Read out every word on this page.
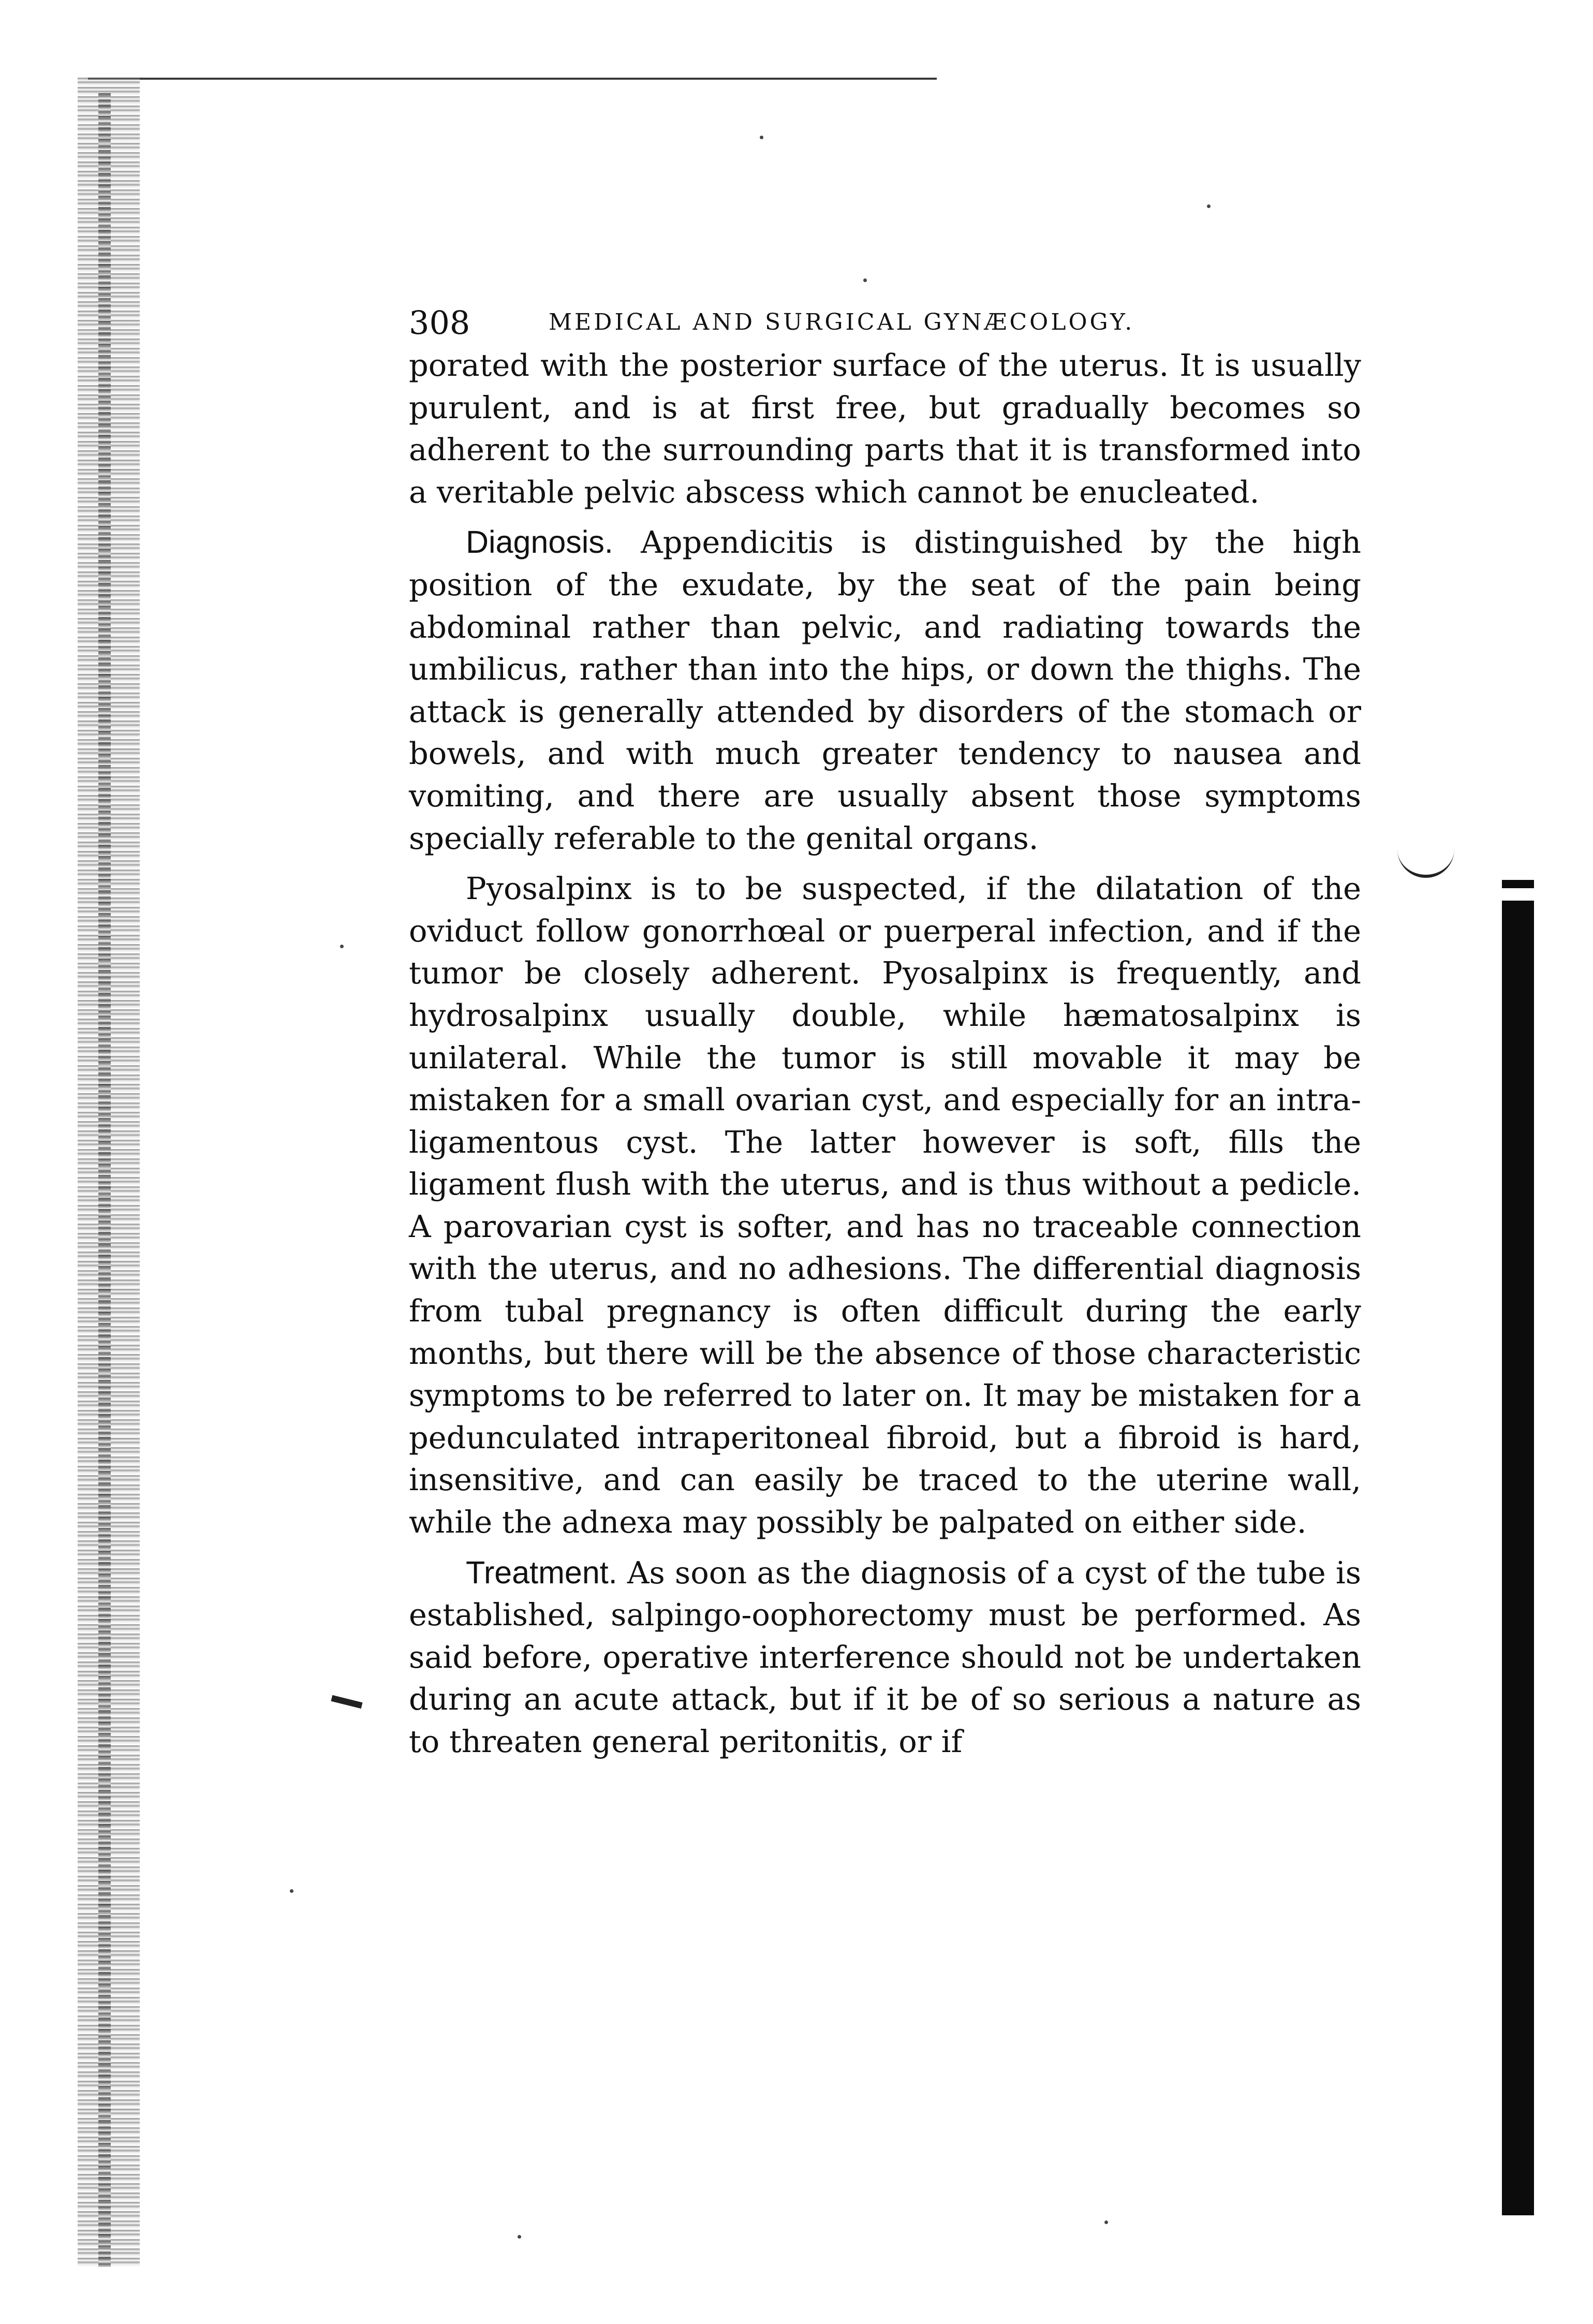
308	MEDICAL AND SURGICAL GYNÆCOLOGY.

porated with the posterior surface of the uterus. It is usually purulent, and is at first free, but gradually becomes so adherent to the surrounding parts that it is transformed into a veritable pelvic abscess which cannot be enucleated.

Diagnosis. Appendicitis is distinguished by the high position of the exudate, by the seat of the pain being abdominal rather than pelvic, and radiating towards the umbilicus, rather than into the hips, or down the thighs. The attack is generally attended by disorders of the stomach or bowels, and with much greater tendency to nausea and vomiting, and there are usually absent those symptoms specially referable to the genital organs.

Pyosalpinx is to be suspected, if the dilatation of the oviduct follow gonorrhœal or puerperal infection, and if the tumor be closely adherent. Pyosalpinx is frequently, and hydrosalpinx usually double, while hæmatosalpinx is unilateral. While the tumor is still movable it may be mistaken for a small ovarian cyst, and especially for an intra-ligamentous cyst. The latter however is soft, fills the ligament flush with the uterus, and is thus without a pedicle. A parovarian cyst is softer, and has no traceable connection with the uterus, and no adhesions. The differential diagnosis from tubal pregnancy is often difficult during the early months, but there will be the absence of those characteristic symptoms to be referred to later on. It may be mistaken for a pedunculated intraperitoneal fibroid, but a fibroid is hard, insensitive, and can easily be traced to the uterine wall, while the adnexa may possibly be palpated on either side.

Treatment. As soon as the diagnosis of a cyst of the tube is established, salpingo-oophorectomy must be performed. As said before, operative interference should not be undertaken during an acute attack, but if it be of so serious a nature as to threaten general peritonitis, or if
